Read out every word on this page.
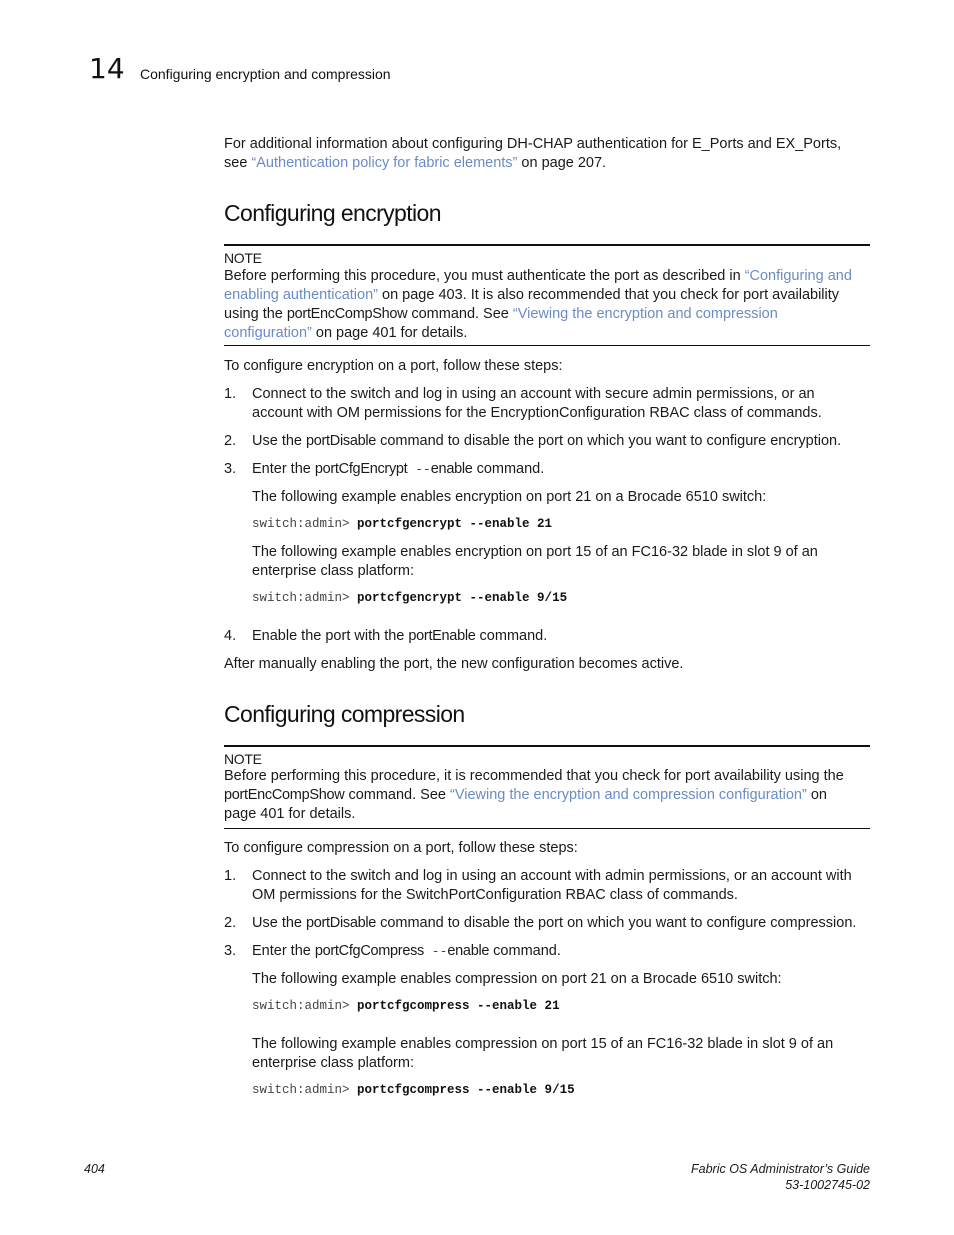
14 Configuring encryption and compression
For additional information about configuring DH-CHAP authentication for E_Ports and EX_Ports,
see “Authentication policy for fabric elements” on page 207.
Configuring encryption
NOTE
Before performing this procedure, you must authenticate the port as described in “Configuring and
enabling authentication” on page 403. It is also recommended that you check for port availability
using the portEncCompShow command. See “Viewing the encryption and compression
configuration” on page 401 for details.
To configure encryption on a port, follow these steps:
1. Connect to the switch and log in using an account with secure admin permissions, or an
account with OM permissions for the EncryptionConfiguration RBAC class of commands.
2. Use the portDisable command to disable the port on which you want to configure encryption.
3. Enter the portCfgEncrypt --enable command.
The following example enables encryption on port 21 on a Brocade 6510 switch:
switch:admin> portcfgencrypt --enable 21
The following example enables encryption on port 15 of an FC16-32 blade in slot 9 of an
enterprise class platform:
switch:admin> portcfgencrypt --enable 9/15
4. Enable the port with the portEnable command.
After manually enabling the port, the new configuration becomes active.
Configuring compression
NOTE
Before performing this procedure, it is recommended that you check for port availability using the
portEncCompShow command. See “Viewing the encryption and compression configuration” on
page 401 for details.
To configure compression on a port, follow these steps:
1. Connect to the switch and log in using an account with admin permissions, or an account with
OM permissions for the SwitchPortConfiguration RBAC class of commands.
2. Use the portDisable command to disable the port on which you want to configure compression.
3. Enter the portCfgCompress --enable command.
The following example enables compression on port 21 on a Brocade 6510 switch:
switch:admin> portcfgcompress --enable 21
The following example enables compression on port 15 of an FC16-32 blade in slot 9 of an
enterprise class platform:
switch:admin> portcfgcompress --enable 9/15
404	Fabric OS Administrator’s Guide
53-1002745-02
